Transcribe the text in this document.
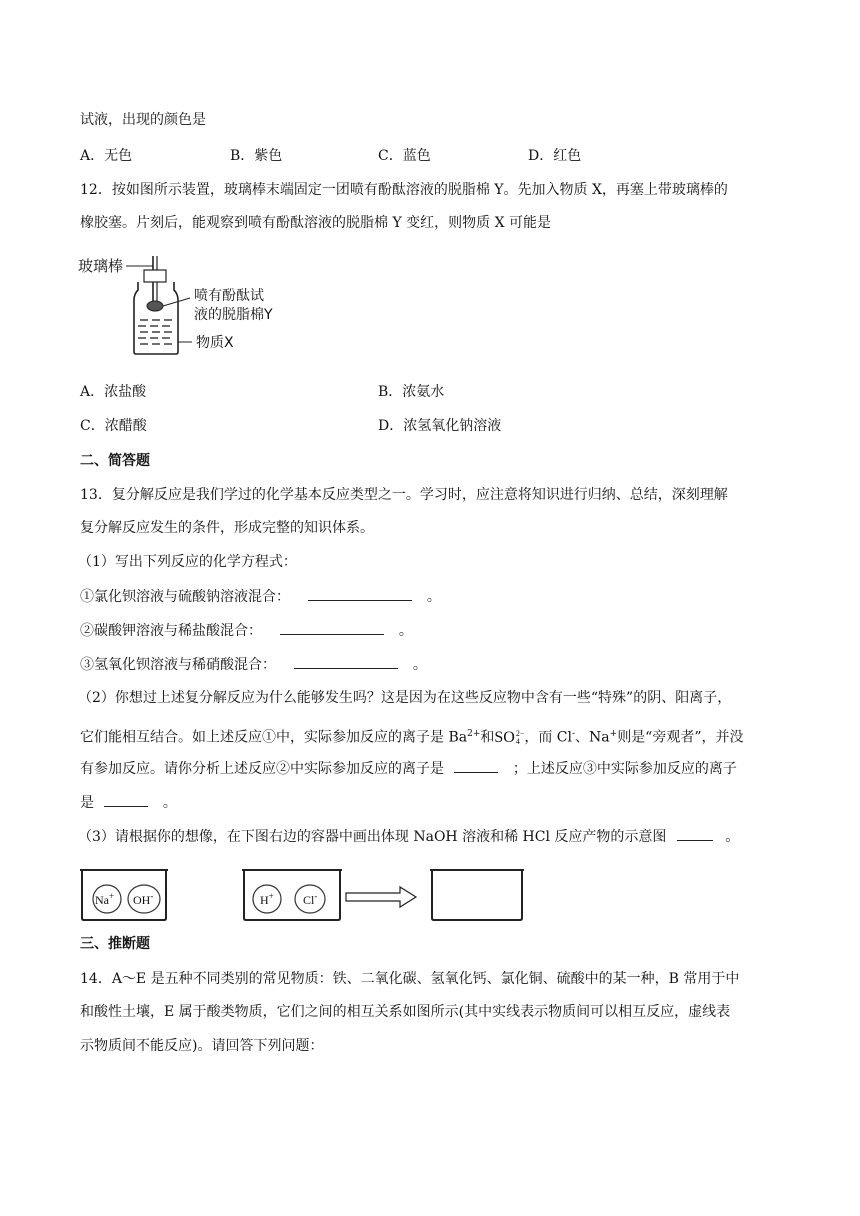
试液，出现的颜色是
A．无色	B．紫色	C．蓝色	D．红色
12．按如图所示装置，玻璃棒末端固定一团喷有酚酞溶液的脱脂棉 Y。先加入物质 X，再塞上带玻璃棒的
橡胶塞。片刻后，能观察到喷有酚酞溶液的脱脂棉 Y 变红，则物质 X 可能是
玻璃棒
喷有酚酞试
液的脱脂棉Y
物质X
A．浓盐酸	B．浓氨水
C．浓醋酸	D．浓氢氧化钠溶液
二、简答题
13．复分解反应是我们学过的化学基本反应类型之一。学习时，应注意将知识进行归纳、总结，深刻理解
复分解反应发生的条件，形成完整的知识体系。
（1）写出下列反应的化学方程式：
①氯化钡溶液与硫酸钠溶液混合：	。
②碳酸钾溶液与稀盐酸混合：	。
③氢氧化钡溶液与稀硝酸混合：	。
（2）你想过上述复分解反应为什么能够发生吗？这是因为在这些反应物中含有一些“特殊”的阴、阳离子，
它们能相互结合。如上述反应①中，实际参加反应的离子是 $Ba^{2+}$和SO 2−
4 ，而 Cl-、Na+则是“旁观者”，并没
有参加反应。请你分析上述反应②中实际参加反应的离子是	；上述反应③中实际参加反应的离子
是	。
（3）请根据你的想像，在下图右边的容器中画出体现 NaOH 溶液和稀 HCl 反应产物的示意图	。
Na+ OH-	H+ Cl-
三、推断题
14．A～E 是五种不同类别的常见物质：铁、二氧化碳、氢氧化钙、氯化铜、硫酸中的某一种，B 常用于中
和酸性土壤，E 属于酸类物质，它们之间的相互关系如图所示(其中实线表示物质间可以相互反应，虚线表
示物质间不能反应)。请回答下列问题：
